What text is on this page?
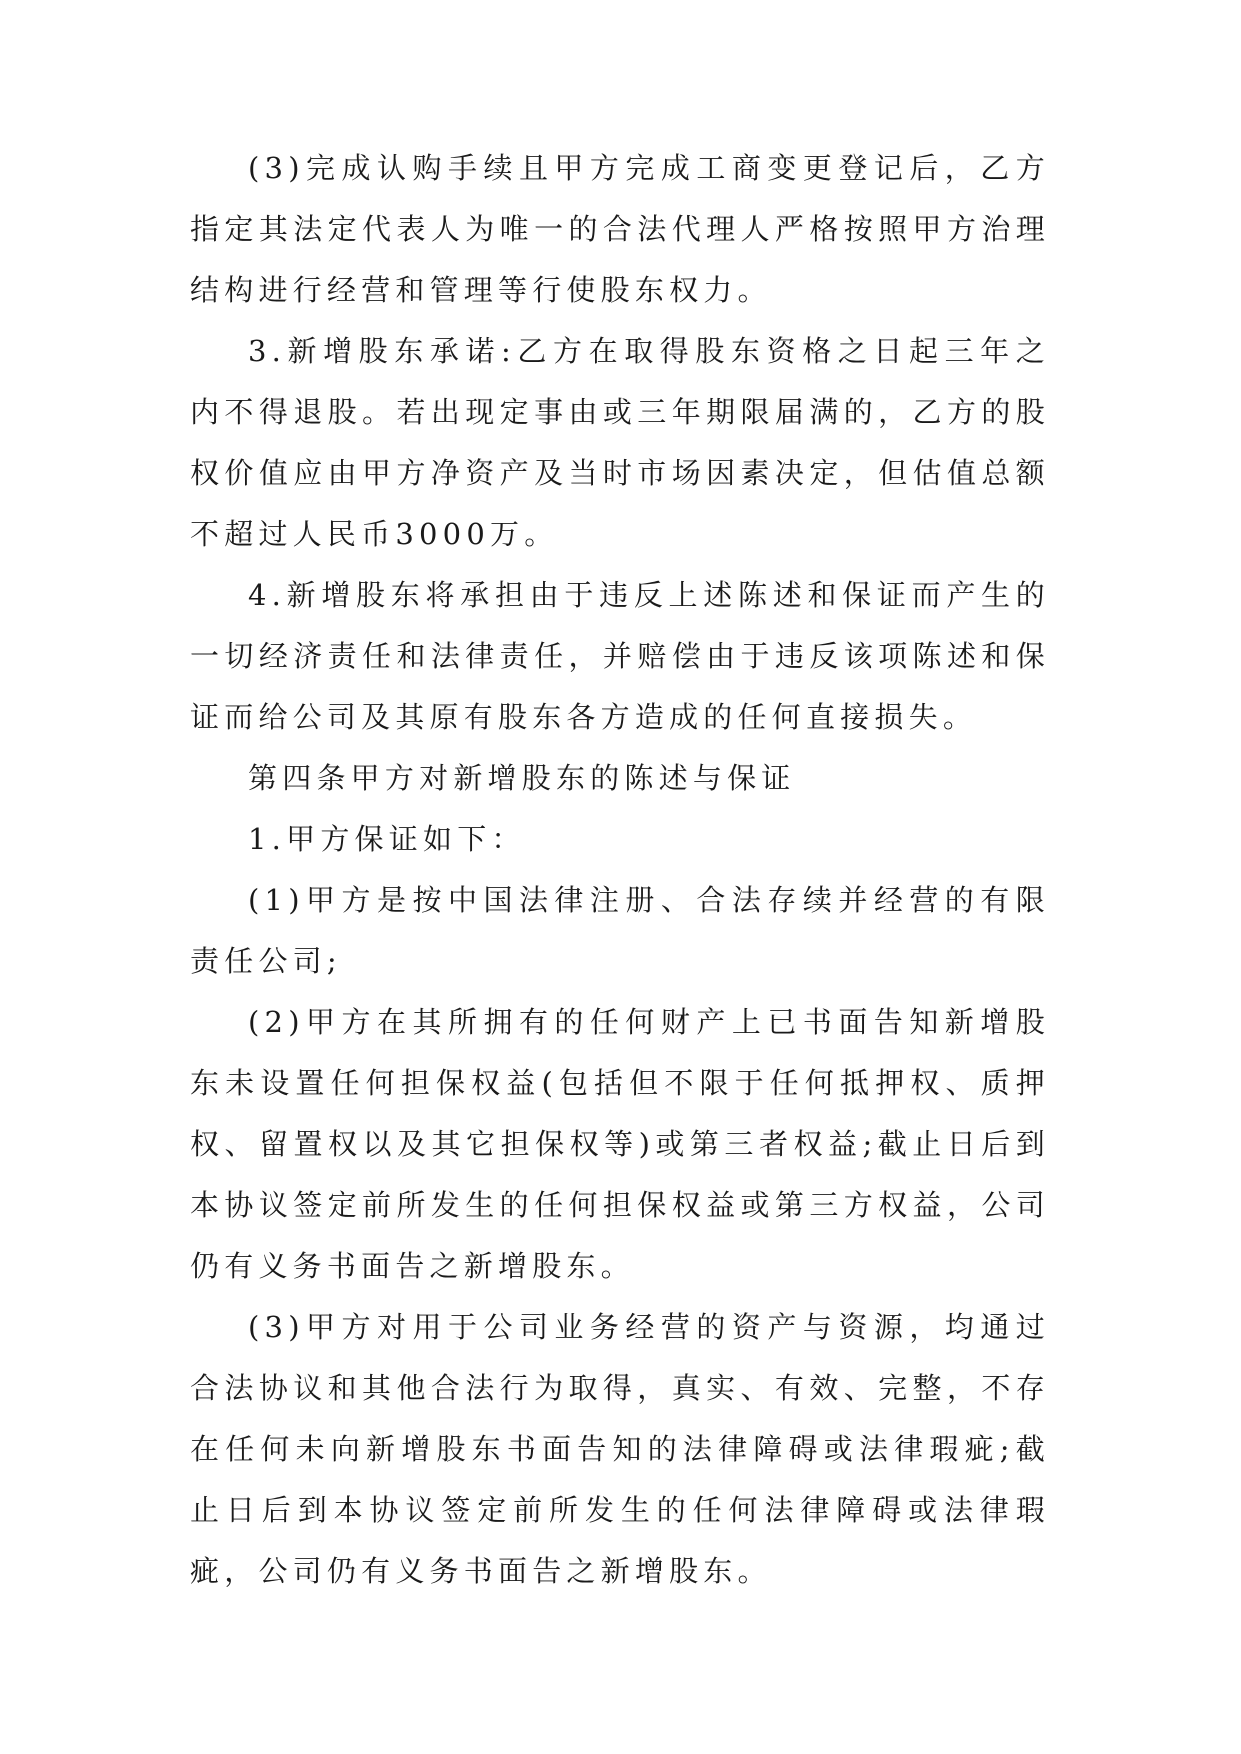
(3)完成认购手续且甲方完成工商变更登记后，乙方指定其法定代表人为唯一的合法代理人严格按照甲方治理结构进行经营和管理等行使股东权力。

3.新增股东承诺:乙方在取得股东资格之日起三年之内不得退股。若出现定事由或三年期限届满的，乙方的股权价值应由甲方净资产及当时市场因素决定，但估值总额不超过人民币3000万。

4.新增股东将承担由于违反上述陈述和保证而产生的一切经济责任和法律责任，并赔偿由于违反该项陈述和保证而给公司及其原有股东各方造成的任何直接损失。

第四条甲方对新增股东的陈述与保证

1.甲方保证如下：

(1)甲方是按中国法律注册、合法存续并经营的有限责任公司;

(2)甲方在其所拥有的任何财产上已书面告知新增股东未设置任何担保权益(包括但不限于任何抵押权、质押权、留置权以及其它担保权等)或第三者权益;截止日后到本协议签定前所发生的任何担保权益或第三方权益，公司仍有义务书面告之新增股东。

(3)甲方对用于公司业务经营的资产与资源，均通过合法协议和其他合法行为取得，真实、有效、完整，不存在任何未向新增股东书面告知的法律障碍或法律瑕疵;截止日后到本协议签定前所发生的任何法律障碍或法律瑕疵，公司仍有义务书面告之新增股东。
